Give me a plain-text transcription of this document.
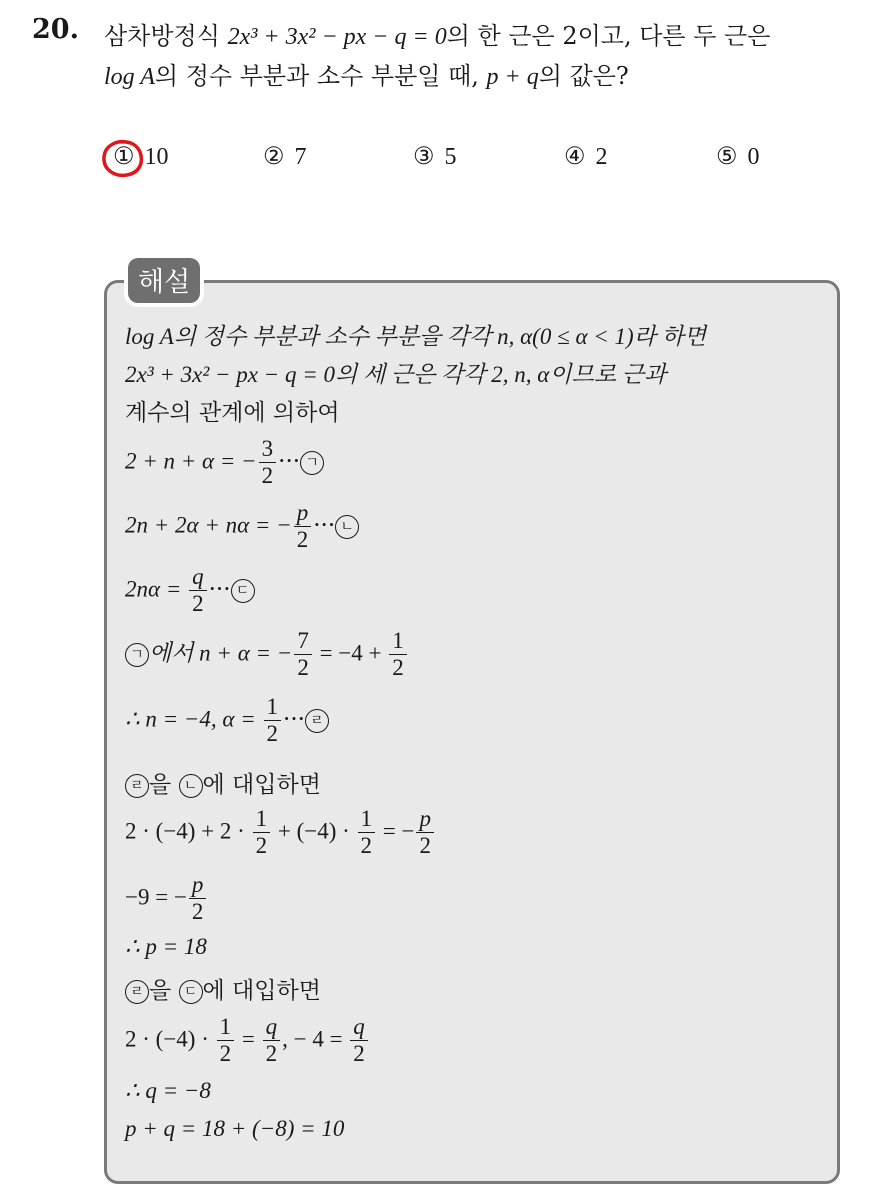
20. 삼차방정식 2x³ + 3x² − px − q = 0의 한 근은 2이고, 다른 두 근은
log A의 정수 부분과 소수 부분일 때, p + q의 값은?
① 10	② 7	③ 5	④ 2	⑤ 0
해설
log A의 정수 부분과 소수 부분을 각각 n, α(0 ≤ α < 1)라 하면
2x³ + 3x² − px − q = 0의 세 근은 각각 2, n, α이므로 근과
계수의 관계에 의하여
2 + n + α = − $\frac{3}{2}$ ··· ㄱ
2n + 2α + nα = − $\frac{p}{2}$ ··· ㄴ
$2n\alpha = \frac{q}{2}$ ··· ㄷ
ㄱ 에서 n + α = − $\frac{7}{2} = -4 + \frac{1}{2}$
∴ n = −4, $\alpha = \frac{1}{2}$ ··· ㄹ
ㄹ 을 ㄴ 에 대입하면
$2 \cdot (-4) + 2 \cdot \frac{1}{2} + (-4) \cdot \frac{1}{2}$ = − $\frac{p}{2}$
−9 = − $\frac{p}{2}$
∴ p = 18
ㄹ 을 ㄷ 에 대입하면
$2 \cdot (-4) \cdot \frac{1}{2} = \frac{q}{2}$ , − $4 = \frac{q}{2}$
∴ q = −8
p + q = 18 + (−8) = 10
